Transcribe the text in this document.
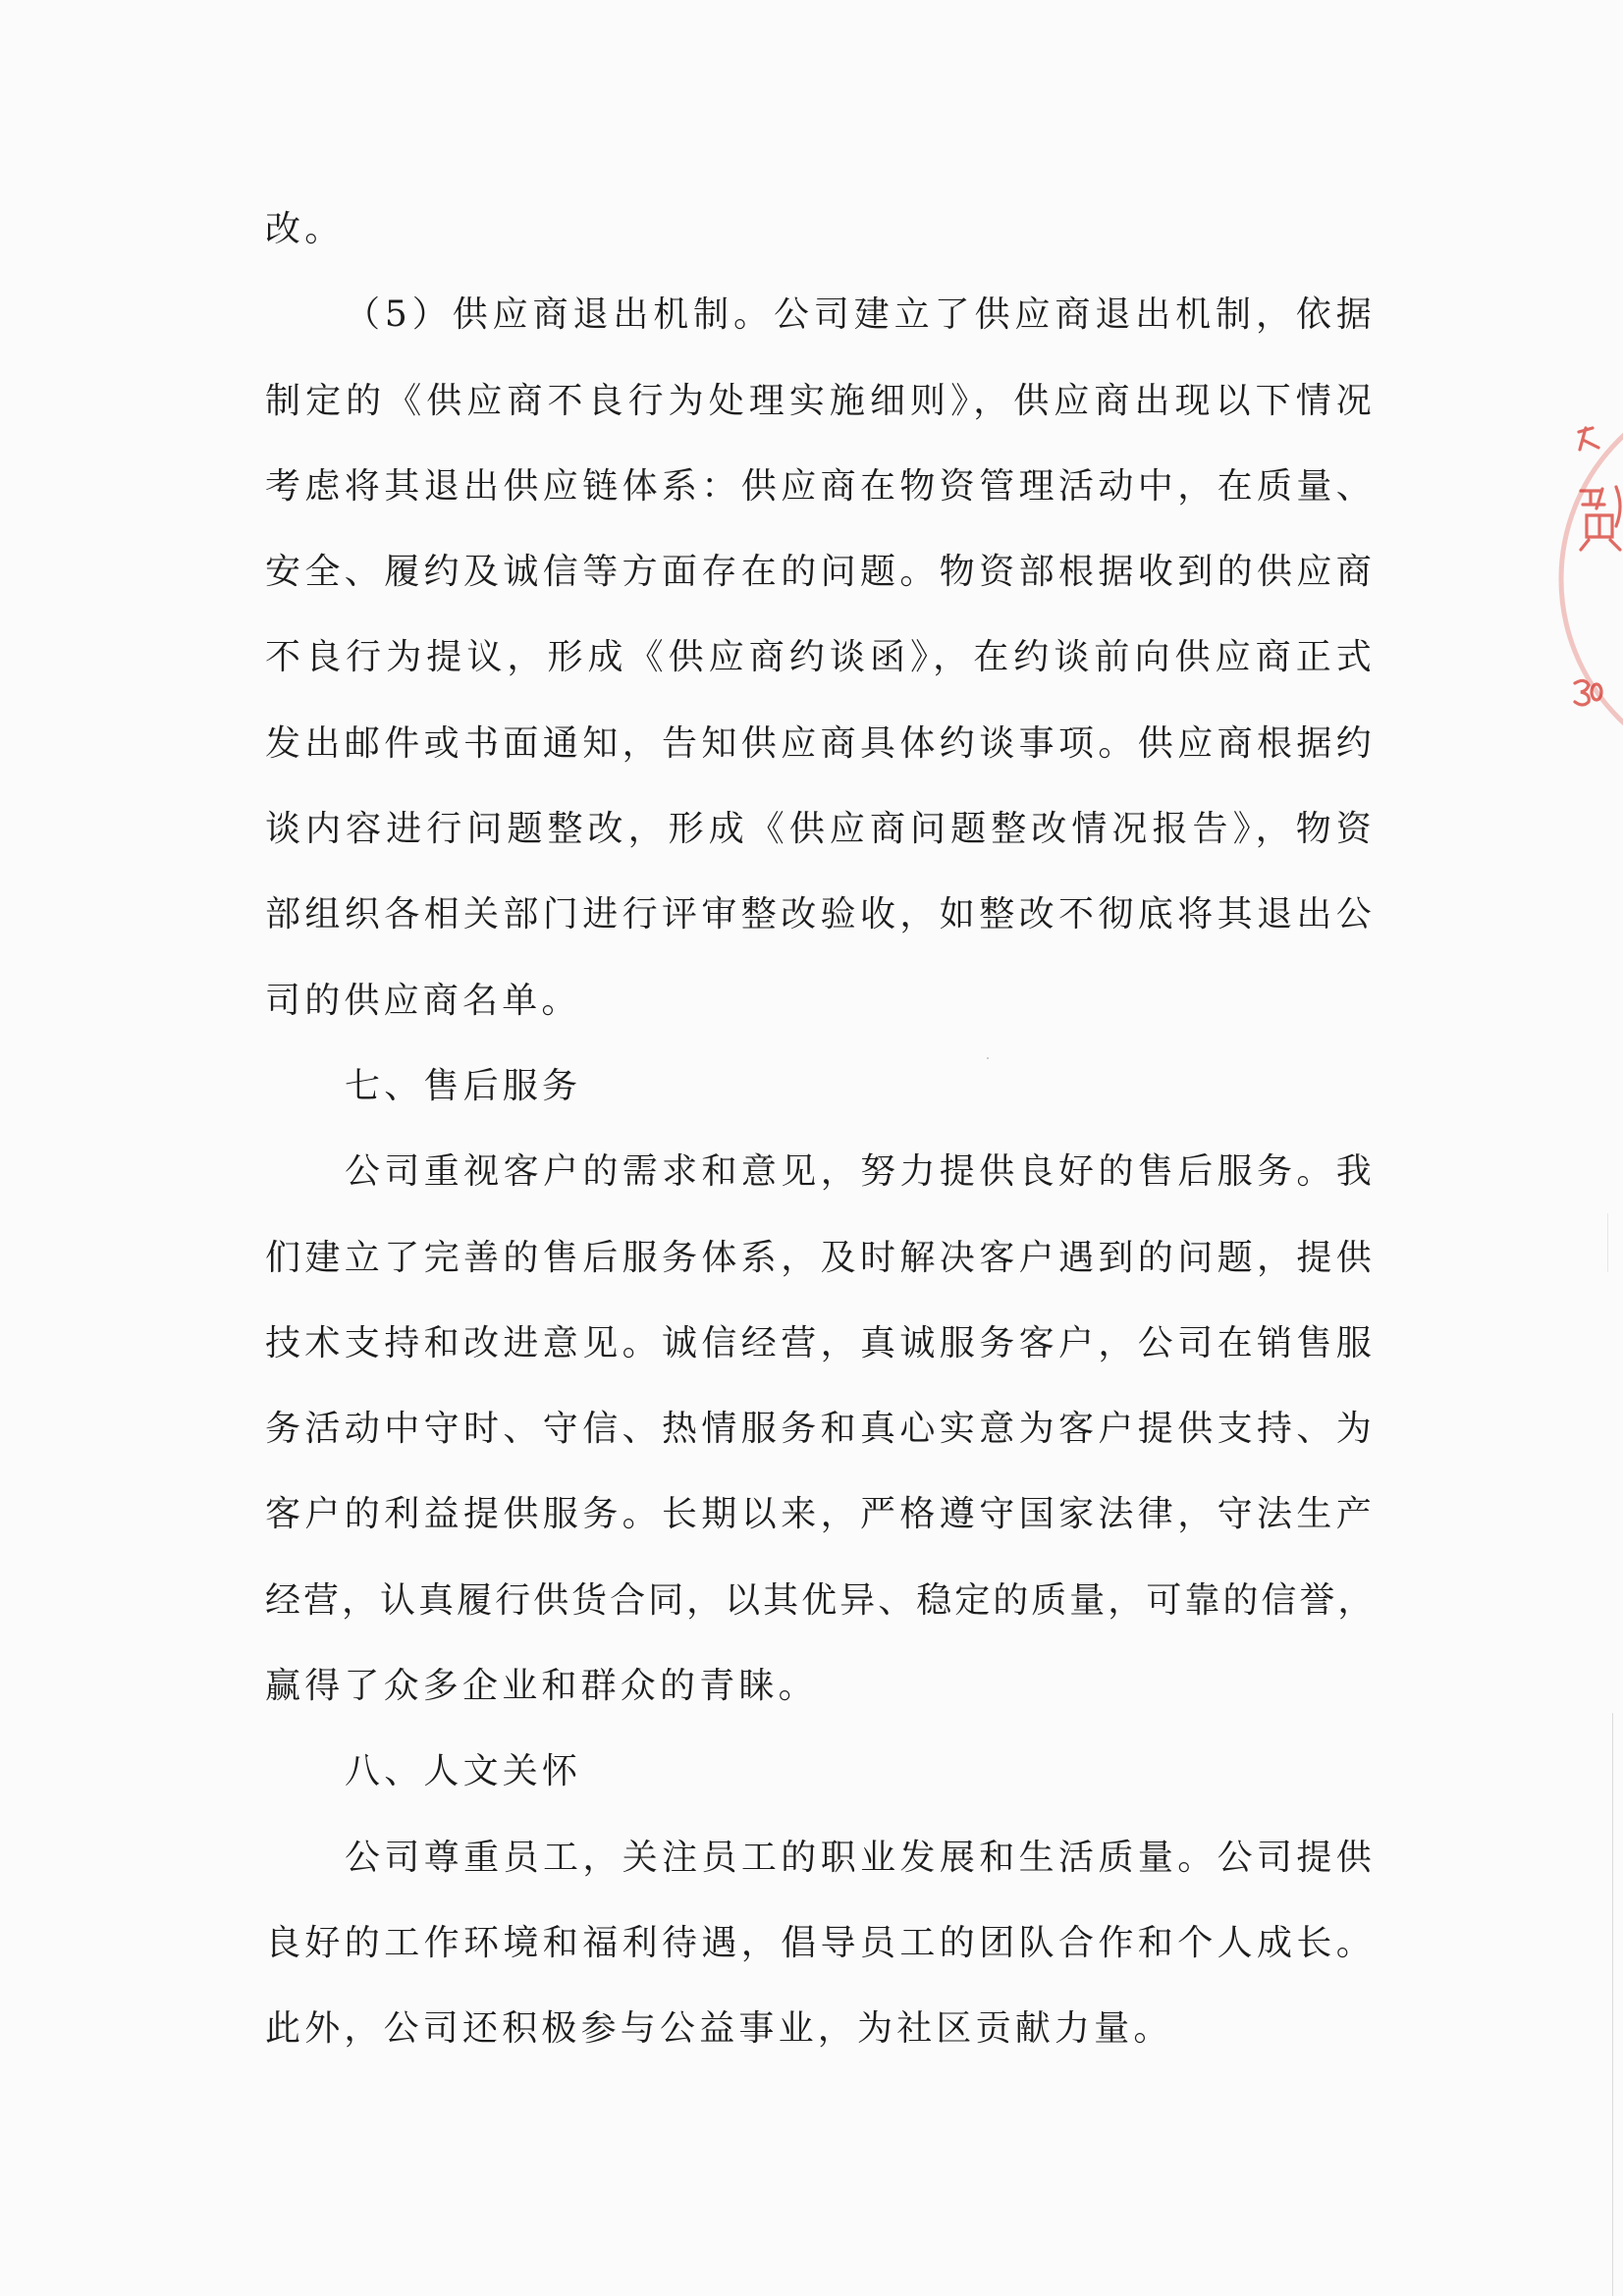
改。

（5）供应商退出机制。公司建立了供应商退出机制，依据

制定的《供应商不良行为处理实施细则》，供应商出现以下情况

考虑将其退出供应链体系：供应商在物资管理活动中，在质量、

安全、履约及诚信等方面存在的问题。物资部根据收到的供应商

不良行为提议，形成《供应商约谈函》，在约谈前向供应商正式

发出邮件或书面通知，告知供应商具体约谈事项。供应商根据约

谈内容进行问题整改，形成《供应商问题整改情况报告》，物资

部组织各相关部门进行评审整改验收，如整改不彻底将其退出公

司的供应商名单。

七、售后服务

公司重视客户的需求和意见，努力提供良好的售后服务。我

们建立了完善的售后服务体系，及时解决客户遇到的问题，提供

技术支持和改进意见。诚信经营，真诚服务客户，公司在销售服

务活动中守时、守信、热情服务和真心实意为客户提供支持、为

客户的利益提供服务。长期以来，严格遵守国家法律，守法生产

经营，认真履行供货合同，以其优异、稳定的质量，可靠的信誉，

赢得了众多企业和群众的青睐。

八、人文关怀

公司尊重员工，关注员工的职业发展和生活质量。公司提供

良好的工作环境和福利待遇，倡导员工的团队合作和个人成长。

此外，公司还积极参与公益事业，为社区贡献力量。
